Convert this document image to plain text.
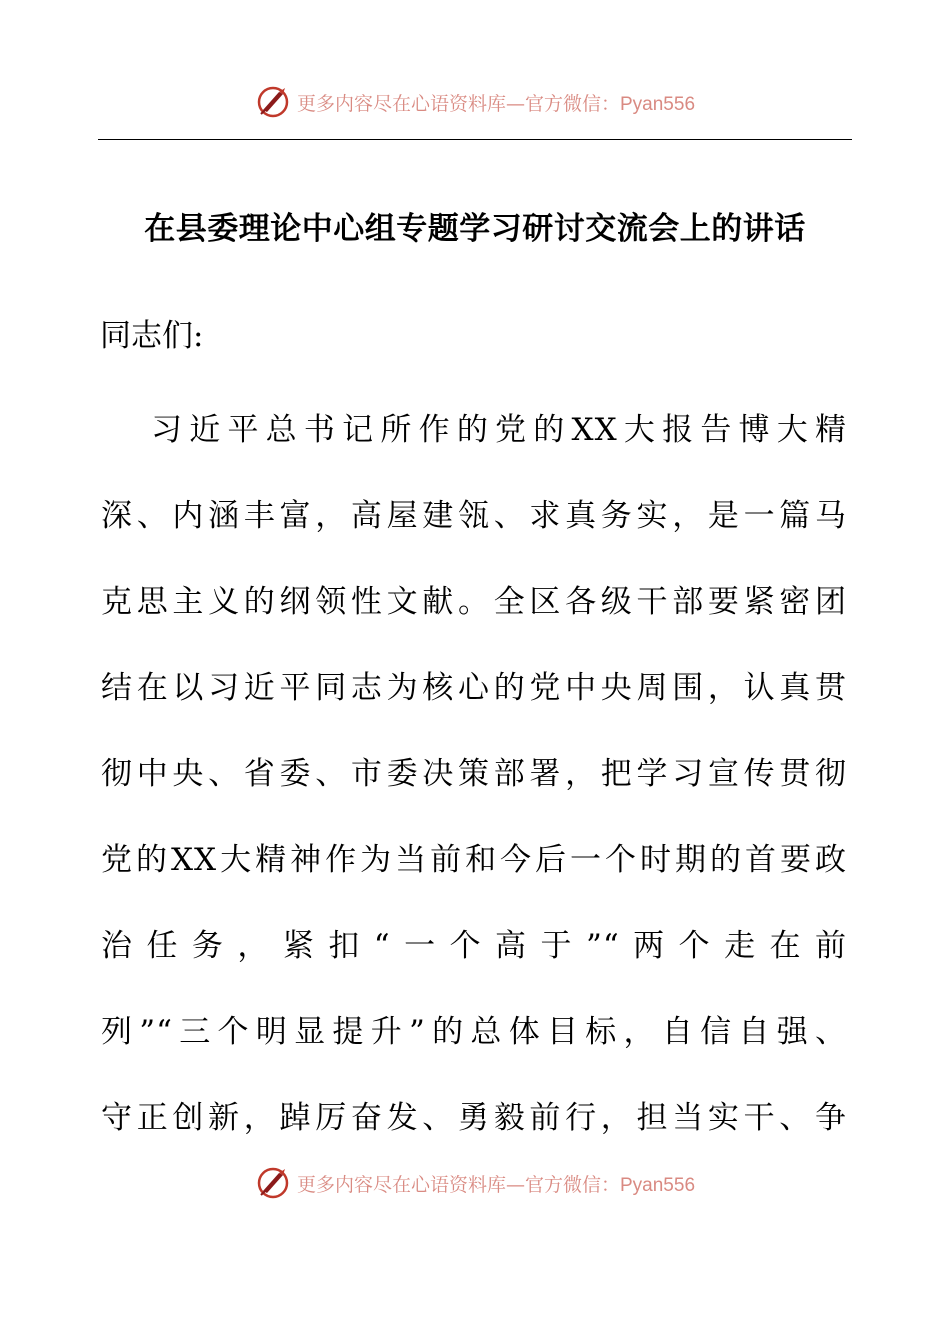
更多内容尽在心语资料库—官方微信：Pyan556
在县委理论中心组专题学习研讨交流会上的讲话

同志们:

习近平总书记所作的党的XX大报告博大精
深、内涵丰富，高屋建瓴、求真务实，是一篇马
克思主义的纲领性文献。全区各级干部要紧密团
结在以习近平同志为核心的党中央周围，认真贯
彻中央、省委、市委决策部署，把学习宣传贯彻
党的XX大精神作为当前和今后一个时期的首要政
治任务，紧扣“一个高于”“两个走在前
列”“三个明显提升”的总体目标，自信自强、
守正创新，踔厉奋发、勇毅前行，担当实干、争
更多内容尽在心语资料库—官方微信：Pyan556
